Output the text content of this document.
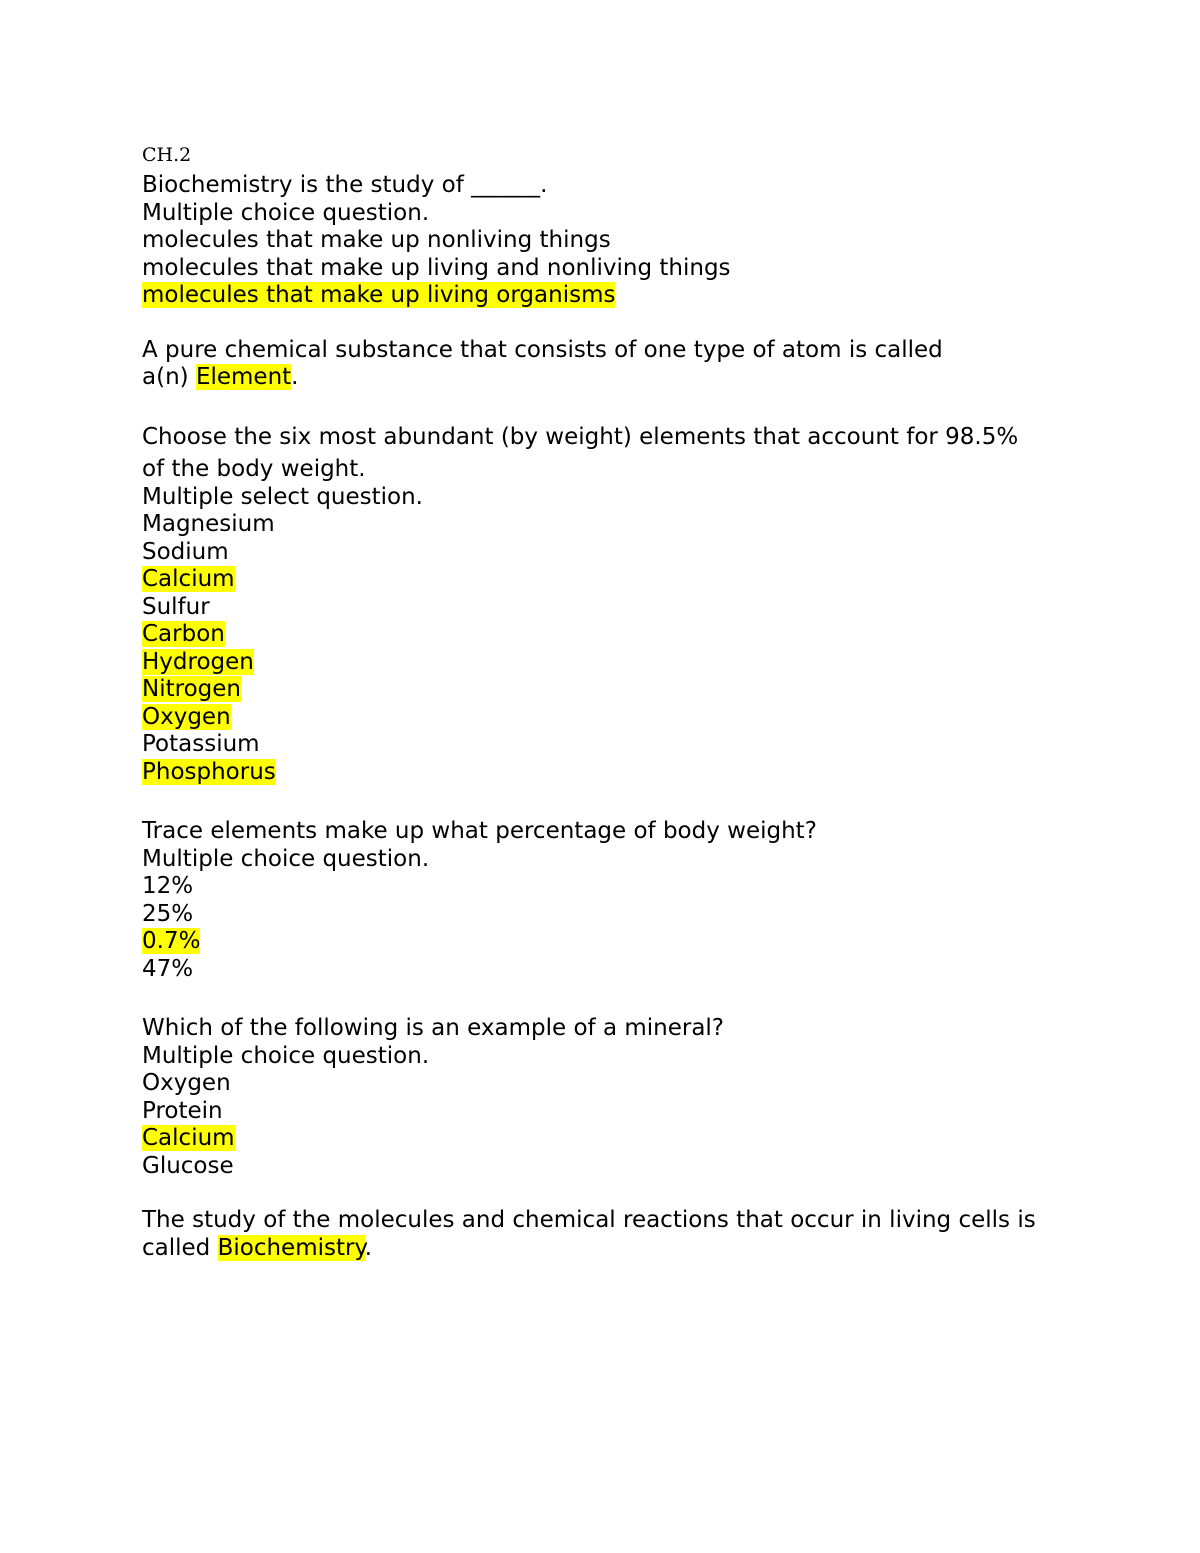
CH.2
Biochemistry is the study of ______.
Multiple choice question.
molecules that make up nonliving things
molecules that make up living and nonliving things
molecules that make up living organisms
A pure chemical substance that consists of one type of atom is called
a(n) Element.
Choose the six most abundant (by weight) elements that account for 98.5%
of the body weight.
Multiple select question.
Magnesium
Sodium
Calcium
Sulfur
Carbon
Hydrogen
Nitrogen
Oxygen
Potassium
Phosphorus
Trace elements make up what percentage of body weight?
Multiple choice question.
12%
25%
0.7%
47%
Which of the following is an example of a mineral?
Multiple choice question.
Oxygen
Protein
Calcium
Glucose
The study of the molecules and chemical reactions that occur in living cells is
called Biochemistry.
